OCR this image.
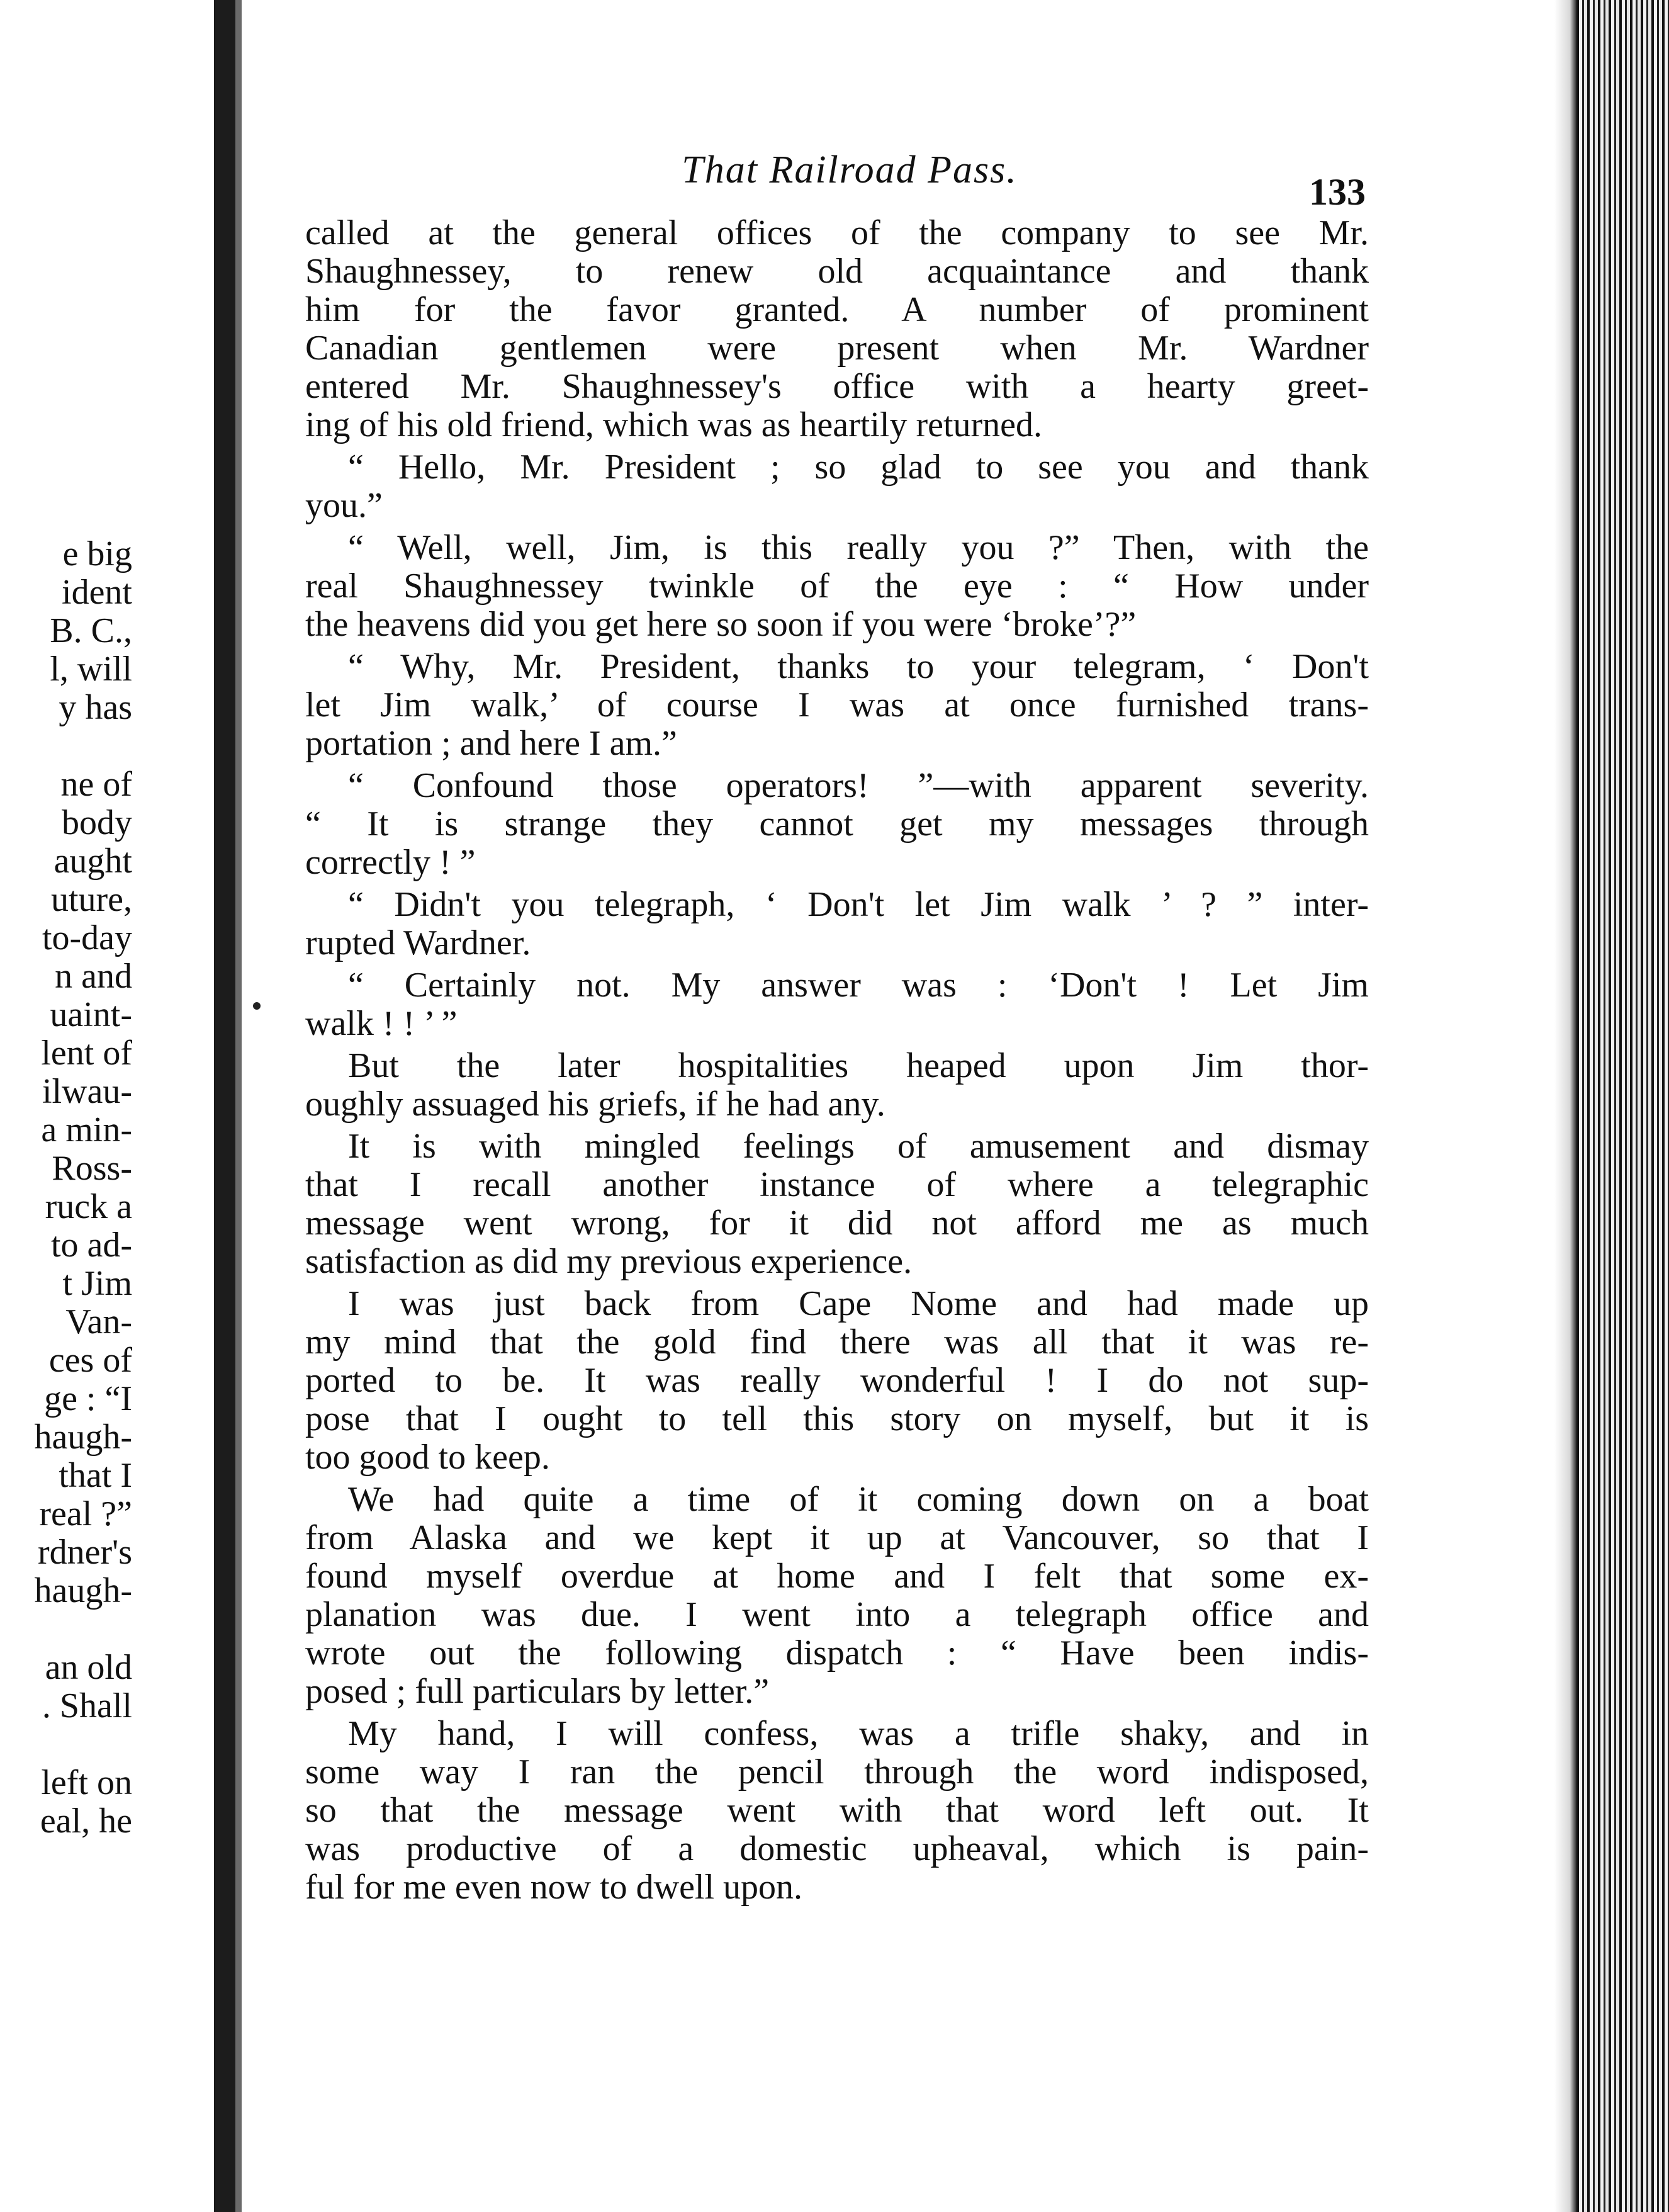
e big
ident
B. C.,
l, will
y has
ne of
body
aught
uture,
to-day
n and
uaint-
lent of
ilwau-
a min-
Ross-
ruck a
to ad-
t Jim
Van-
ces of
ge : “I
haugh-
that I
real ?”
rdner's
haugh-
an old
. Shall
left on
eal, he
That Railroad Pass.
133
called at the general offices of the company to see Mr.
Shaughnessey, to renew old acquaintance and thank
him for the favor granted. A number of prominent
Canadian gentlemen were present when Mr. Wardner
entered Mr. Shaughnessey's office with a hearty greet-
ing of his old friend, which was as heartily returned.
“ Hello, Mr. President ; so glad to see you and thank
you.”
“ Well, well, Jim, is this really you ?” Then, with the
real Shaughnessey twinkle of the eye : “ How under
the heavens did you get here so soon if you were ‘broke’?”
“ Why, Mr. President, thanks to your telegram, ‘ Don't
let Jim walk,’ of course I was at once furnished trans-
portation ; and here I am.”
“ Confound those operators! ”—with apparent severity.
“ It is strange they cannot get my messages through
correctly ! ”
“ Didn't you telegraph, ‘ Don't let Jim walk ’ ? ” inter-
rupted Wardner.
“ Certainly not. My answer was : ‘Don't ! Let Jim
walk ! ! ’ ”
But the later hospitalities heaped upon Jim thor-
oughly assuaged his griefs, if he had any.
It is with mingled feelings of amusement and dismay
that I recall another instance of where a telegraphic
message went wrong, for it did not afford me as much
satisfaction as did my previous experience.
I was just back from Cape Nome and had made up
my mind that the gold find there was all that it was re-
ported to be. It was really wonderful ! I do not sup-
pose that I ought to tell this story on myself, but it is
too good to keep.
We had quite a time of it coming down on a boat
from Alaska and we kept it up at Vancouver, so that I
found myself overdue at home and I felt that some ex-
planation was due. I went into a telegraph office and
wrote out the following dispatch : “ Have been indis-
posed ; full particulars by letter.”
My hand, I will confess, was a trifle shaky, and in
some way I ran the pencil through the word indisposed,
so that the message went with that word left out. It
was productive of a domestic upheaval, which is pain-
ful for me even now to dwell upon.
